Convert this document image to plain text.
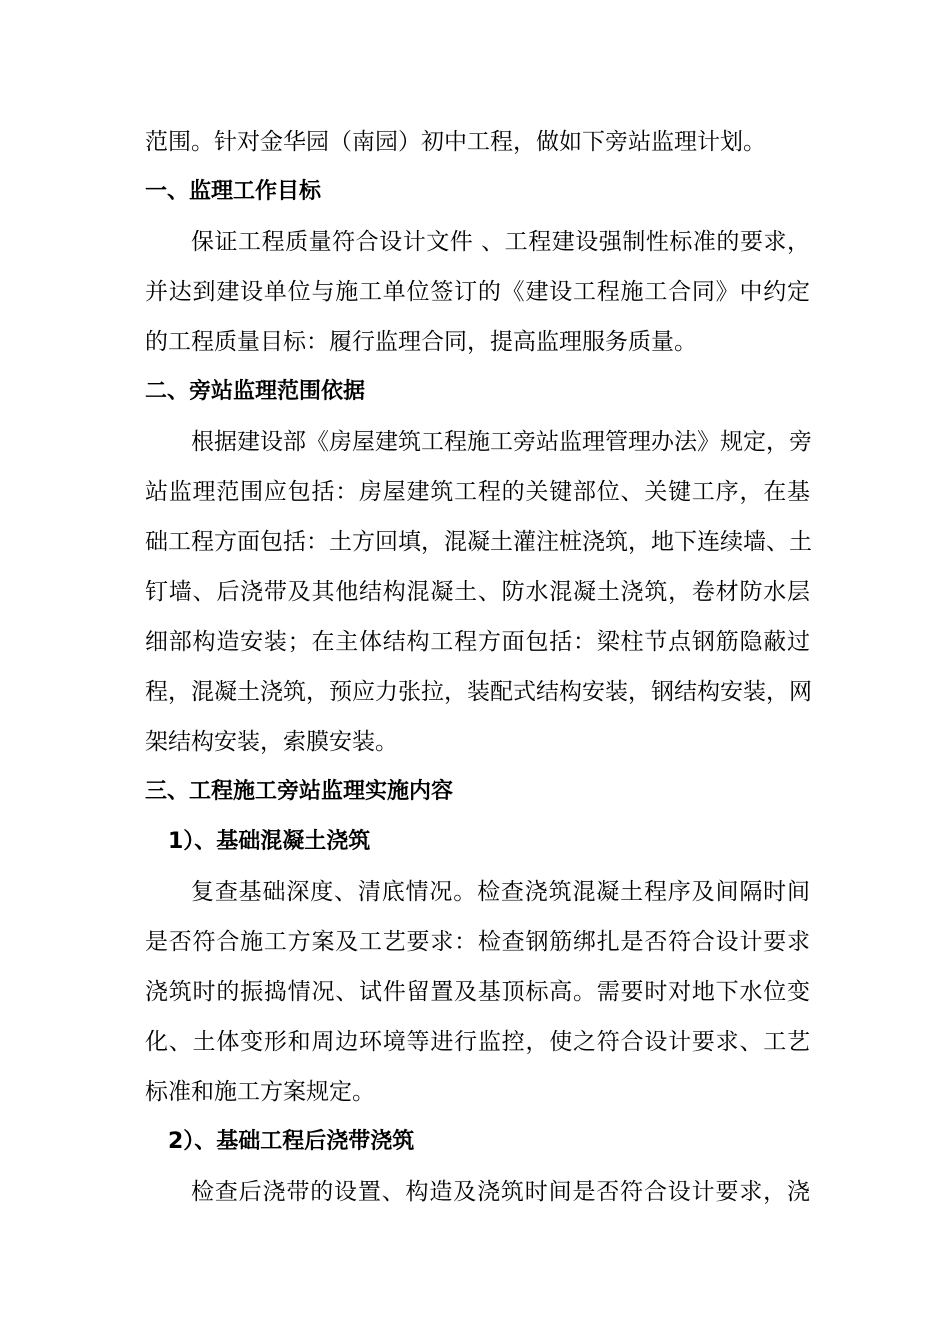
范围。针对金华园（南园）初中工程，做如下旁站监理计划。
一、监理工作目标
保证工程质量符合设计文件 、工程建设强制性标准的要求，
并达到建设单位与施工单位签订的《建设工程施工合同》中约定
的工程质量目标：履行监理合同，提高监理服务质量。
二、旁站监理范围依据
根据建设部《房屋建筑工程施工旁站监理管理办法》规定，旁
站监理范围应包括：房屋建筑工程的关键部位、关键工序，在基
础工程方面包括：土方回填，混凝土灌注桩浇筑，地下连续墙、土
钉墙、后浇带及其他结构混凝土、防水混凝土浇筑，卷材防水层
细部构造安装；在主体结构工程方面包括：梁柱节点钢筋隐蔽过
程，混凝土浇筑，预应力张拉，装配式结构安装，钢结构安装，网
架结构安装，索膜安装。
三、工程施工旁站监理实施内容
1）、基础混凝土浇筑
复查基础深度、清底情况。检查浇筑混凝土程序及间隔时间
是否符合施工方案及工艺要求：检查钢筋绑扎是否符合设计要求
浇筑时的振捣情况、试件留置及基顶标高。需要时对地下水位变
化、土体变形和周边环境等进行监控，使之符合设计要求、工艺
标准和施工方案规定。
2）、基础工程后浇带浇筑
检查后浇带的设置、构造及浇筑时间是否符合设计要求，浇
